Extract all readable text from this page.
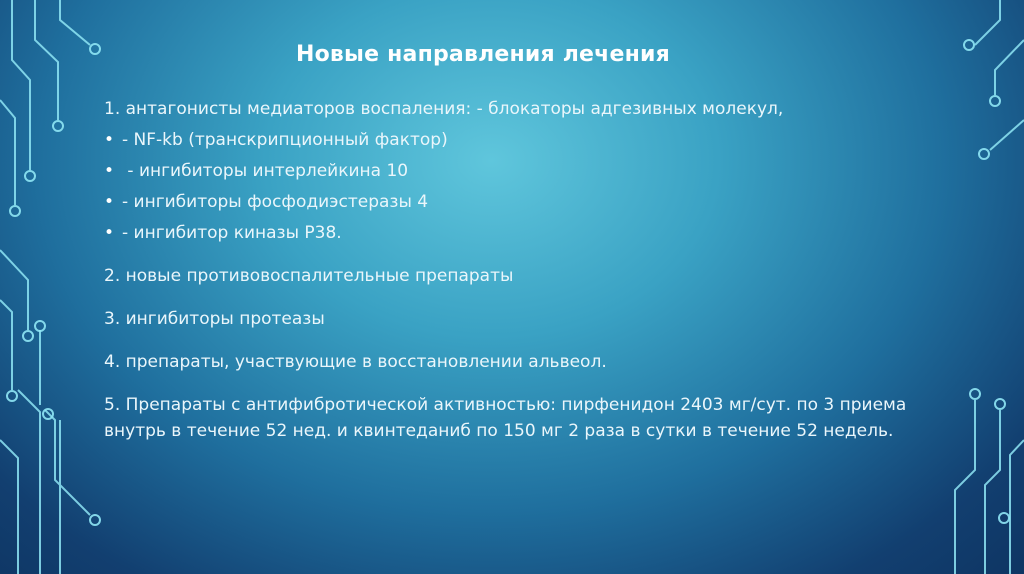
Новые направления лечения

1. антагонисты медиаторов воспаления: - блокаторы адгезивных молекул,

• - NF-kb (транскрипционный фактор)
• - ингибиторы интерлейкина 10
• - ингибиторы фосфодиэстеразы 4
• - ингибитор киназы P38.

2. новые противовоспалительные препараты

3. ингибиторы протеазы

4. препараты, участвующие в восстановлении альвеол.

5. Препараты с антифибротической активностью: пирфенидон 2403 мг/сут. по 3 приема внутрь в течение 52 нед. и квинтеданиб по 150 мг 2 раза в сутки в течение 52 недель.
